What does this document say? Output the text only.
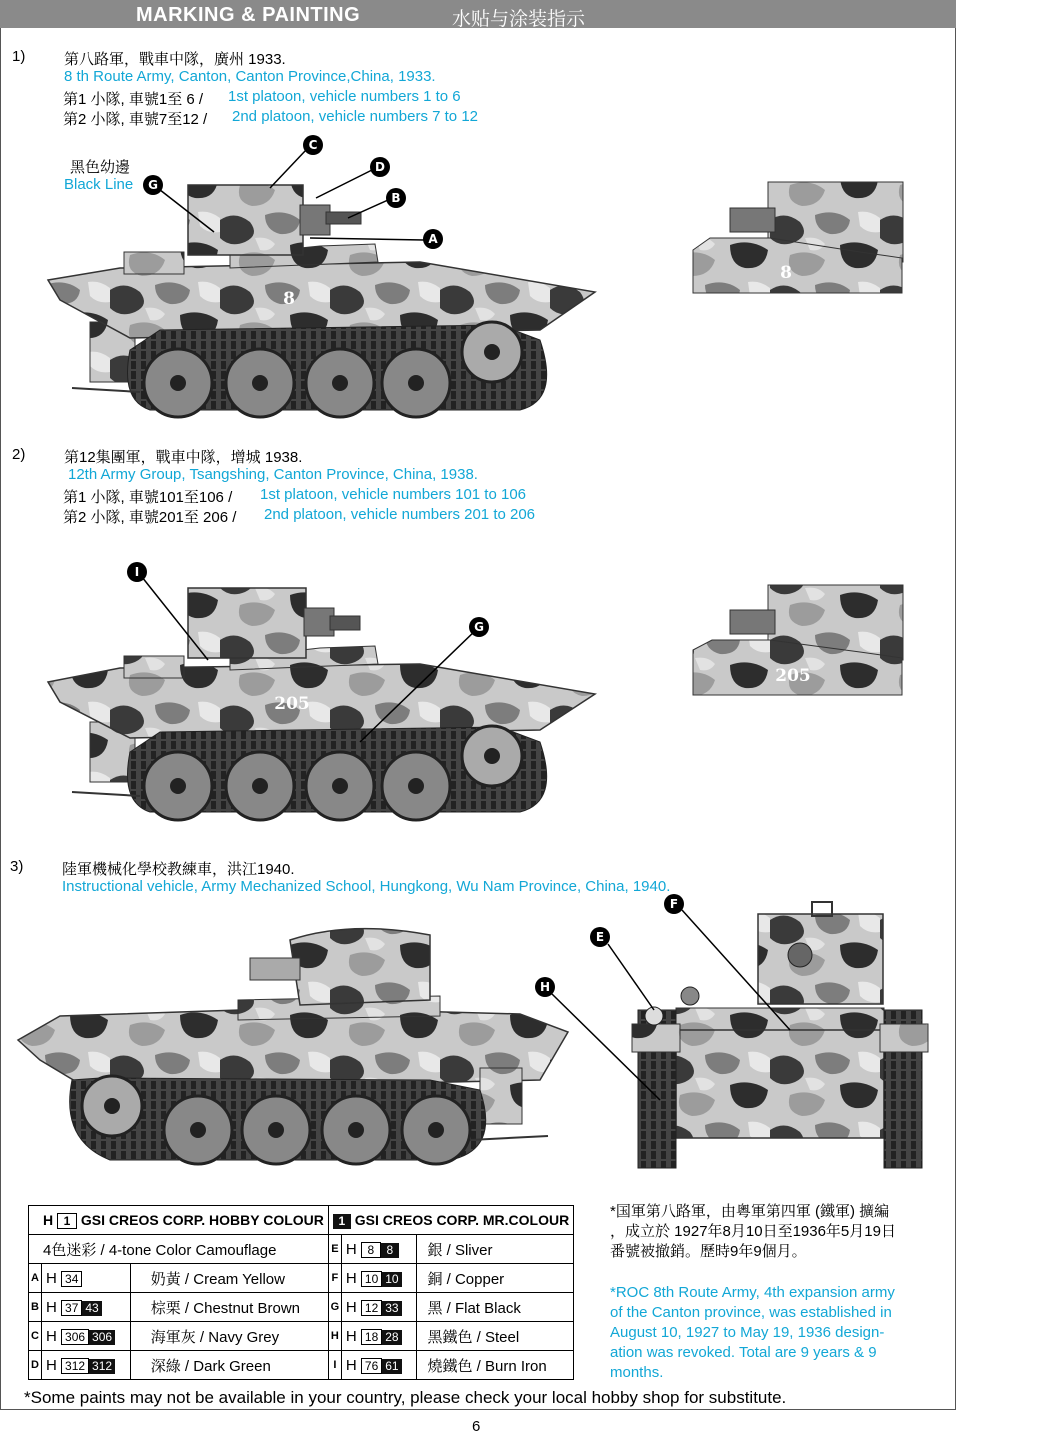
MARKING & PAINTING	水贴与涂装指示
1)	第八路軍，戰車中隊，廣州 1933.
8 th Route Army, Canton, Canton Province,China, 1933.
第1 小隊, 車號1至 6 / 1st platoon, vehicle numbers 1 to 6
第2 小隊, 車號7至12 / 2nd platoon, vehicle numbers 7 to 12
黑色幼邊
Black Line
2)	第12集團軍，戰車中隊，增城 1938.
12th Army Group, Tsangshing, Canton Province, China, 1938.
第1 小隊, 車號101至106 / 1st platoon, vehicle numbers 101 to 106
第2 小隊, 車號201至 206 / 2nd platoon, vehicle numbers 201 to 206
3)	陸軍機械化學校教練車，洪江1940.
Instructional vehicle, Army Mechanized School, Hungkong, Wu Nam Province, China, 1940.
8
8
205
205
G
C
D
B
A
I
G
F
E
H
H 1 GSI CREOS CORP. HOBBY COLOUR			1 GSI CREOS CORP. MR.COLOUR		
4色迷彩 / 4-tone Color Camouflage			E	H 8 8	銀 / Sliver
A	H 34	奶黃 / Cream Yellow	F	H 10 10	銅 / Copper
B	H 37 43	棕栗 / Chestnut Brown	G	H 12 33	黑 / Flat Black
C	H 306 306	海軍灰 / Navy Grey	H	H 18 28	黑鐵色 / Steel
D	H 312 312	深綠 / Dark Green	I	H 76 61	燒鐵色 / Burn Iron
*国軍第八路軍，由粵軍第四軍 (鐵軍) 擴編
，成立於 1927年8月10日至1936年5月19日
番號被撤銷。歷時9年9個月。
*ROC 8th Route Army, 4th expansion army
of the Canton province, was established in
August 10, 1927 to May 19, 1936 design-
ation was revoked. Total are 9 years & 9
months.
*Some paints may not be available in your country, please check your local hobby shop for substitute.
6
